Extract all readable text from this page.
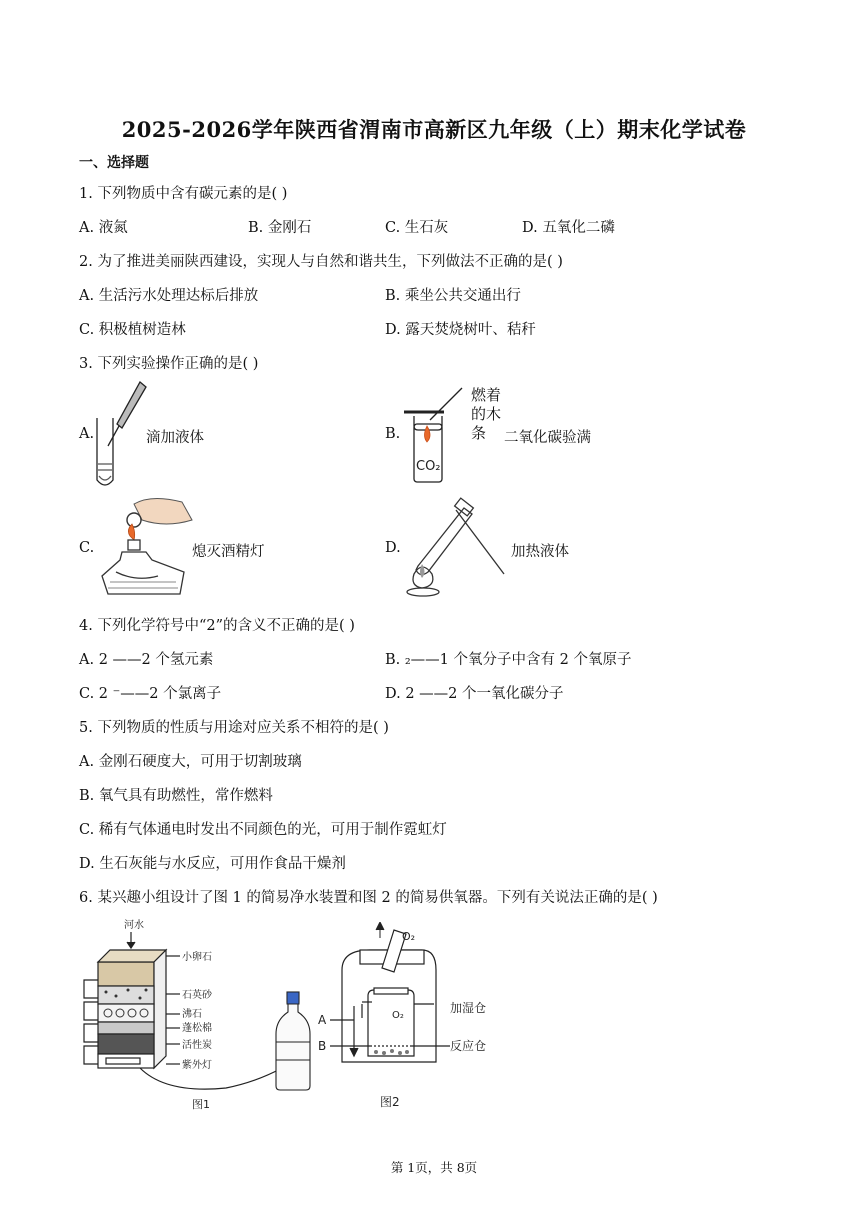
2025-2026学年陕西省渭南市高新区九年级（上）期末化学试卷
一、选择题
1. 下列物质中含有碳元素的是( )
A. 液氮	B. 金刚石	C. 生石灰	D. 五氧化二磷
2. 为了推进美丽陕西建设，实现人与自然和谐共生，下列做法不正确的是( )
A. 生活污水处理达标后排放	B. 乘坐公共交通出行
C. 积极植树造林	D. 露天焚烧树叶、秸秆
3. 下列实验操作正确的是( )
A.	滴加液体	B.
CO₂
燃着
的木
条	二氧化碳验满
C.	熄灭酒精灯	D.	加热液体
4. 下列化学符号中“2”的含义不正确的是( )
A. 2 ——2 个氢元素	B. ₂——1 个氧分子中含有 2 个氧原子
C. 2 ⁻——2 个氯离子	D. 2 ——2 个一氧化碳分子
5. 下列物质的性质与用途对应关系不相符的是( )
A. 金刚石硬度大，可用于切割玻璃
B. 氧气具有助燃性，常作燃料
C. 稀有气体通电时发出不同颜色的光，可用于制作霓虹灯
D. 生石灰能与水反应，可用作食品干燥剂
6. 某兴趣小组设计了图 1 的简易净水装置和图 2 的简易供氧器。下列有关说法正确的是( )
河水
小卵石
石英砂
沸石
蓬松棉
活性炭
紫外灯
图1
O₂
O₂
A
B
加湿仓
反应仓
图2
第 1页，共 8页
